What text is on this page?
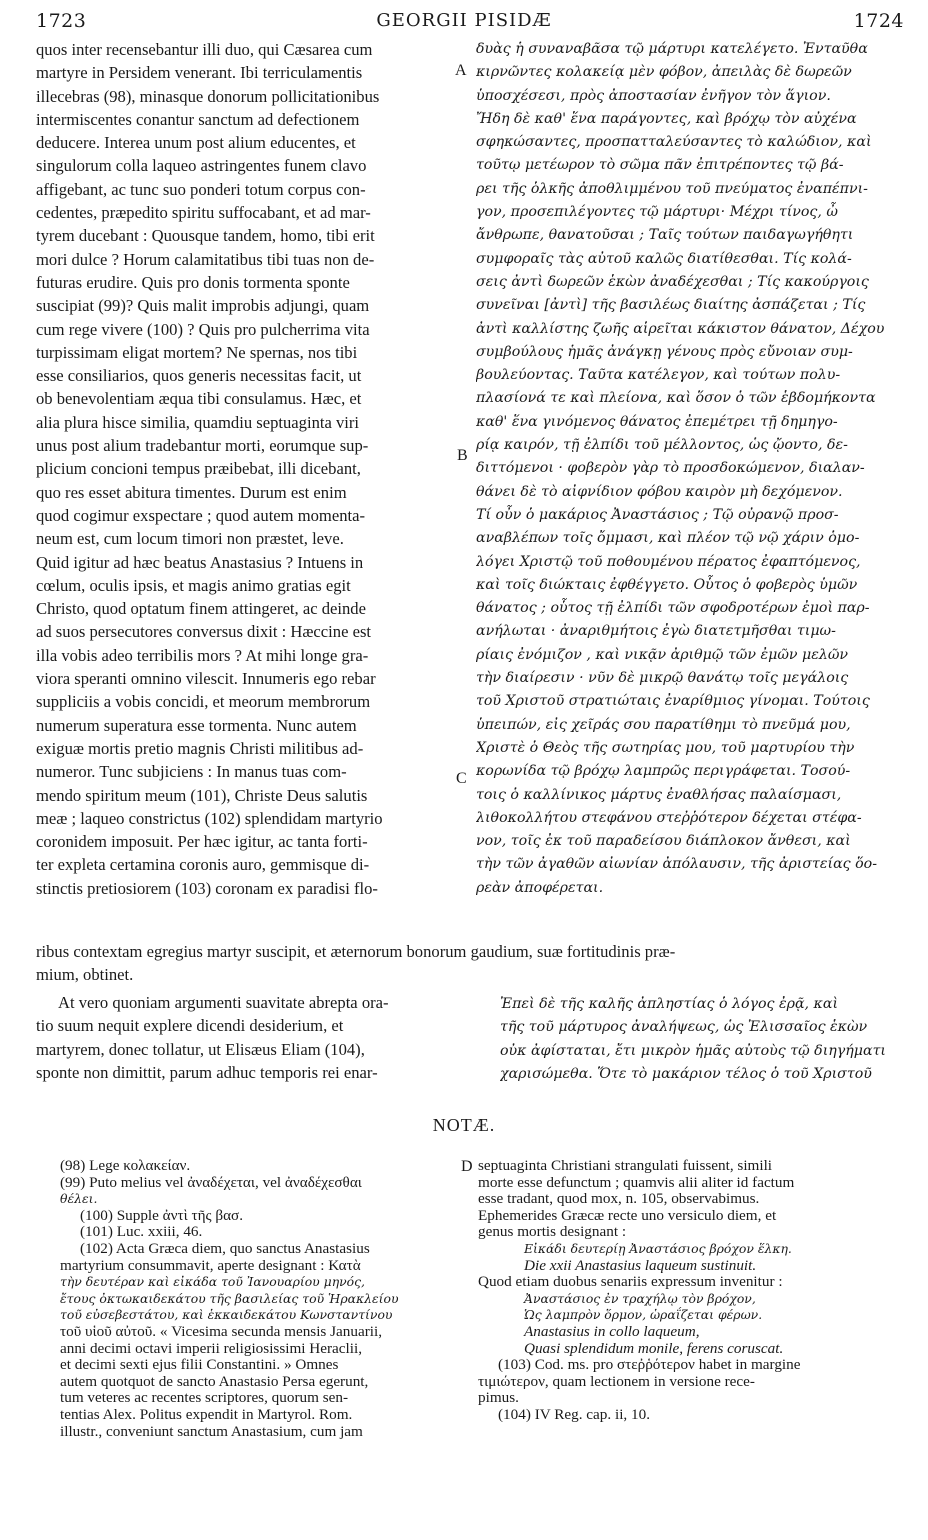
GEORGII PISIDÆ
1723	1724
A
B
C
quos inter recensebantur illi duo, qui Cæsarea cum
martyre in Persidem venerant. Ibi terriculamentis
illecebras (98), minasque donorum pollicitationibus
intermiscentes conantur sanctum ad defectionem
deducere. Interea unum post alium educentes, et
singulorum colla laqueo astringentes funem clavo
affigebant, ac tunc suo ponderi totum corpus con-
cedentes, præpedito spiritu suffocabant, et ad mar-
tyrem ducebant : Quousque tandem, homo, tibi erit
mori dulce ? Horum calamitatibus tibi tuas non de-
futuras erudire. Quis pro donis tormenta sponte
suscipiat (99)? Quis malit improbis adjungi, quam
cum rege vivere (100) ? Quis pro pulcherrima vita
turpissimam eligat mortem? Ne spernas, nos tibi
esse consiliarios, quos generis necessitas facit, ut
ob benevolentiam æqua tibi consulamus. Hæc, et
alia plura hisce similia, quamdiu septuaginta viri
unus post alium tradebantur morti, eorumque sup-
plicium concioni tempus præibebat, illi dicebant,
quo res esset abitura timentes. Durum est enim
quod cogimur exspectare ; quod autem momenta-
neum est, cum locum timori non præstet, leve.
Quid igitur ad hæc beatus Anastasius ? Intuens in
cœlum, oculis ipsis, et magis animo gratias egit
Christo, quod optatum finem attingeret, ac deinde
ad suos persecutores conversus dixit : Hæccine est
illa vobis adeo terribilis mors ? At mihi longe gra-
viora speranti omnino vilescit. Innumeris ego rebar
suppliciis a vobis concidi, et meorum membrorum
numerum superatura esse tormenta. Nunc autem
exiguæ mortis pretio magnis Christi militibus ad-
numeror. Tunc subjiciens : In manus tuas com-
mendo spiritum meum (101), Christe Deus salutis
meæ ; laqueo constrictus (102) splendidam martyrio
coronidem imposuit. Per hæc igitur, ac tanta forti-
ter expleta certamina coronis auro, gemmisque di-
stinctis pretiosiorem (103) coronam ex paradisi flo-
δυὰς ἡ συναναβᾶσα τῷ μάρτυρι κατελέγετο. Ἐνταῦθα
κιρνῶντες κολακείᾳ μὲν φόβον, ἀπειλὰς δὲ δωρεῶν
ὑποσχέσεσι, πρὸς ἀποστασίαν ἐνῆγον τὸν ἅγιον.
Ἤδη δὲ καθ' ἕνα παράγοντες, καὶ βρόχῳ τὸν αὐχένα
σφηκώσαντες, προσπατταλεύσαντες τὸ καλώδιον, καὶ
τοῦτῳ μετέωρον τὸ σῶμα πᾶν ἐπιτρέποντες τῷ βά-
ρει τῆς ὁλκῆς ἀποθλιμμένου τοῦ πνεύματος ἐναπέπνι-
γον, προσεπιλέγοντες τῷ μάρτυρι· Μέχρι τίνος, ὦ
ἄνθρωπε, θανατοῦσαι ; Ταῖς τούτων παιδαγωγήθητι
συμφοραῖς τὰς αὐτοῦ καλῶς διατίθεσθαι. Τίς κολά-
σεις ἀντὶ δωρεῶν ἑκὼν ἀναδέχεσθαι ; Τίς κακούργοις
συνεῖναι [ἀντὶ] τῆς βασιλέως διαίτης ἀσπάζεται ; Τίς
ἀντὶ καλλίστης ζωῆς αἱρεῖται κάκιστον θάνατον, Δέχου
συμβούλους ἡμᾶς ἀνάγκῃ γένους πρὸς εὔνοιαν συμ-
βουλεύοντας. Ταῦτα κατέλεγον, καὶ τούτων πολυ-
πλασίονά τε καὶ πλείονα, καὶ ὅσον ὁ τῶν ἑβδομήκοντα
καθ' ἕνα γινόμενος θάνατος ἐπεμέτρει τῇ δημηγο-
ρίᾳ καιρόν, τῇ ἐλπίδι τοῦ μέλλοντος, ὡς ᾤοντο, δε-
διττόμενοι · φοβερὸν γὰρ τὸ προσδοκώμενον, διαλαν-
θάνει δὲ τὸ αἰφνίδιον φόβου καιρὸν μὴ δεχόμενον.
Τί οὖν ὁ μακάριος Ἀναστάσιος ; Τῷ οὐρανῷ προσ-
αναβλέπων τοῖς ὄμμασι, καὶ πλέον τῷ νῷ χάριν ὁμο-
λόγει Χριστῷ τοῦ ποθουμένου πέρατος ἐφαπτόμενος,
καὶ τοῖς διώκταις ἐφθέγγετο. Οὗτος ὁ φοβερὸς ὑμῶν
θάνατος ; οὗτος τῇ ἐλπίδι τῶν σφοδροτέρων ἐμοὶ παρ-
ανήλωται · ἀναριθμήτοις ἐγὼ διατετμῆσθαι τιμω-
ρίαις ἐνόμιζον , καὶ νικᾷν ἀριθμῷ τῶν ἐμῶν μελῶν
τὴν διαίρεσιν · νῦν δὲ μικρῷ θανάτῳ τοῖς μεγάλοις
τοῦ Χριστοῦ στρατιώταις ἐναρίθμιος γίνομαι. Τούτοις
ὑπειπών, εἰς χεῖράς σου παρατίθημι τὸ πνεῦμά μου,
Χριστὲ ὁ Θεὸς τῆς σωτηρίας μου, τοῦ μαρτυρίου τὴν
κορωνίδα τῷ βρόχῳ λαμπρῶς περιγράφεται. Τοσού-
τοις ὁ καλλίνικος μάρτυς ἐναθλήσας παλαίσμασι,
λιθοκολλήτου στεφάνου στεῤῥότερον δέχεται στέφα-
νον, τοῖς ἐκ τοῦ παραδείσου διάπλοκον ἄνθεσι, καὶ
τὴν τῶν ἀγαθῶν αἰωνίαν ἀπόλαυσιν, τῆς ἀριστείας ὅο-
ρεὰν ἀποφέρεται.
ribus contextam egregius martyr suscipit, et æternorum bonorum gaudium, suæ fortitudinis præ-
mium, obtinet.
At vero quoniam argumenti suavitate abrepta ora-
tio suum nequit explere dicendi desiderium, et
martyrem, donec tollatur, ut Elisæus Eliam (104),
sponte non dimittit, parum adhuc temporis rei enar-
Ἐπεὶ δὲ τῆς καλῆς ἀπληστίας ὁ λόγος ἐρᾷ, καὶ
τῆς τοῦ μάρτυρος ἀναλήψεως, ὡς Ἐλισσαῖος ἑκὼν
οὐκ ἀφίσταται, ἔτι μικρὸν ἡμᾶς αὐτοὺς τῷ διηγήματι
χαρισώμεθα. Ὅτε τὸ μακάριον τέλος ὁ τοῦ Χριστοῦ
NOTÆ.
D
(98) Lege κολακείαν.
(99) Puto melius vel ἀναδέχεται, vel ἀναδέχεσθαι
θέλει.
(100) Supple ἀντὶ τῆς βασ.
(101) Luc. xxiii, 46.
(102) Acta Græca diem, quo sanctus Anastasius
martyrium consummavit, aperte designant : Κατὰ
τὴν δευτέραν καὶ εἰκάδα τοῦ Ἰανουαρίου μηνός,
ἔτους ὀκτωκαιδεκάτου τῆς βασιλείας τοῦ Ἡρακλείου
τοῦ εὐσεβεστάτου, καὶ ἑκκαιδεκάτου Κωνσταντίνου
τοῦ υἱοῦ αὐτοῦ. « Vicesima secunda mensis Januarii,
anni decimi octavi imperii religiosissimi Heraclii,
et decimi sexti ejus filii Constantini. » Omnes
autem quotquot de sancto Anastasio Persa egerunt,
tum veteres ac recentes scriptores, quorum sen-
tentias Alex. Politus expendit in Martyrol. Rom.
illustr., conveniunt sanctum Anastasium, cum jam
septuaginta Christiani strangulati fuissent, simili
morte esse defunctum ; quamvis alii aliter id factum
esse tradant, quod mox, n. 105, observabimus.
Ephemerides Græcæ recte uno versiculo diem, et
genus mortis designant :
Εἰκάδι δευτερίῃ Ἀναστάσιος βρόχον ἕλκη.
Die xxii Anastasius laqueum sustinuit.
Quod etiam duobus senariis expressum invenitur :
Ἀναστάσιος ἐν τραχήλῳ τὸν βρόχον,
Ὡς λαμπρὸν ὅρμον, ὡραΐζεται φέρων.
Anastasius in collo laqueum,
Quasi splendidum monile, ferens coruscat.
(103) Cod. ms. pro στεῤῥότερον habet in margine
τιμιώτερον, quam lectionem in versione rece-
pimus.
(104) IV Reg. cap. ii, 10.
